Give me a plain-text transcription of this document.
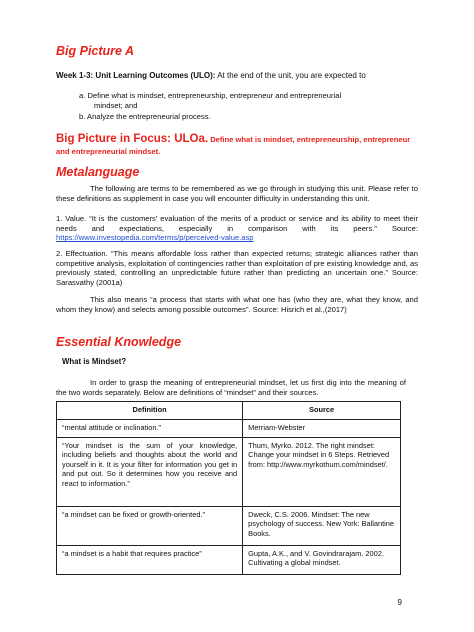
Big Picture A
Week 1-3: Unit Learning Outcomes (ULO): At the end of the unit, you are expected to
a. Define what is mindset, entrepreneurship, entrepreneur and entrepreneurial
mindset; and
b. Analyze the entrepreneurial process.
Big Picture in Focus: ULOa. Define what is mindset, entrepreneurship, entrepreneur
and entrepreneurial mindset.
Metalanguage
The following are terms to be remembered as we go through in studying this unit. Please refer to these definitions as supplement in case you will encounter difficulty in understanding this unit.
1. Value. “It is the customers' evaluation of the merits of a product or service and its ability to meet their needs and expectations, especially in comparison with its peers.” Source: https://www.investopedia.com/terms/p/perceived-value.asp
2. Effectuation. “This means affordable loss rather than expected returns; strategic alliances rather than competitive analysis, exploitation of contingencies rather than exploitation of pre existing knowledge and, as previously stated, controlling an unpredictable future rather than predicting an uncertain one.” Source: Sarasvathy (2001a)
This also means “a process that starts with what one has (who they are, what they know, and whom they know) and selects among possible outcomes”. Source: Hisrich et al.,(2017)
Essential Knowledge
What is Mindset?
In order to grasp the meaning of entrepreneurial mindset, let us first dig into the meaning of the two words separately. Below are definitions of “mindset” and their sources.
Definition	Source
“mental attitude or inclination.”	Merriam-Webster
“Your mindset is the sum of your knowledge, including beliefs and thoughts about the world and yourself in it. It is your filter for information you get in and put out. So it determines how you receive and react to information.”	Thum, Myrko. 2012. The right mindset: Change your mindset in 6 Steps. Retrieved from: http://www.myrkothum.com/mindset/.
“a mindset can be fixed or growth-oriented.”	Dweck, C.S. 2006. Mindset: The new psychology of success. New York: Ballantine Books.
“a mindset is a habit that requires practice”	Gupta, A.K., and V. Govindrarajam. 2002. Cultivating a global mindset.
9
